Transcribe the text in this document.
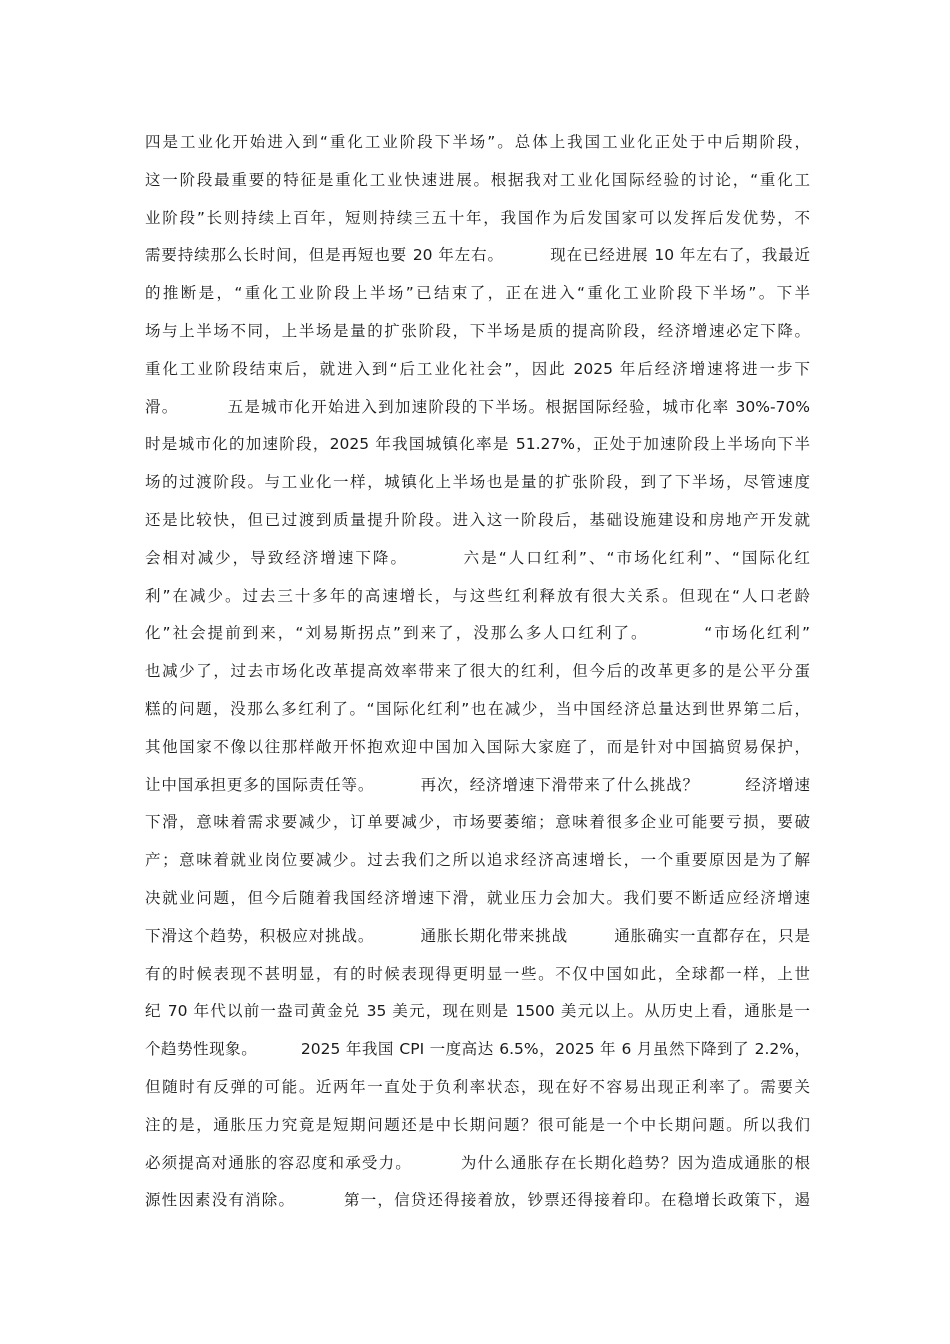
四是工业化开始进入到“重化工业阶段下半场”。总体上我国工业化正处于中后期阶段，
这一阶段最重要的特征是重化工业快速进展。根据我对工业化国际经验的讨论，“重化工
业阶段”长则持续上百年，短则持续三五十年，我国作为后发国家可以发挥后发优势，不
需要持续那么长时间，但是再短也要 20 年左右。        现在已经进展 10 年左右了，我最近
的推断是，“重化工业阶段上半场”已结束了，正在进入“重化工业阶段下半场”。下半
场与上半场不同，上半场是量的扩张阶段，下半场是质的提高阶段，经济增速必定下降。
重化工业阶段结束后，就进入到“后工业化社会”，因此 2025 年后经济增速将进一步下
滑。        五是城市化开始进入到加速阶段的下半场。根据国际经验，城市化率 30%-70%
时是城市化的加速阶段，2025 年我国城镇化率是 51.27%，正处于加速阶段上半场向下半
场的过渡阶段。与工业化一样，城镇化上半场也是量的扩张阶段，到了下半场，尽管速度
还是比较快，但已过渡到质量提升阶段。进入这一阶段后，基础设施建设和房地产开发就
会相对减少，导致经济增速下降。        六是“人口红利”、“市场化红利”、“国际化红
利”在减少。过去三十多年的高速增长，与这些红利释放有很大关系。但现在“人口老龄
化”社会提前到来，“刘易斯拐点”到来了，没那么多人口红利了。        “市场化红利”
也减少了，过去市场化改革提高效率带来了很大的红利，但今后的改革更多的是公平分蛋
糕的问题，没那么多红利了。“国际化红利”也在减少，当中国经济总量达到世界第二后，
其他国家不像以往那样敞开怀抱欢迎中国加入国际大家庭了，而是针对中国搞贸易保护，
让中国承担更多的国际责任等。        再次，经济增速下滑带来了什么挑战？        经济增速
下滑，意味着需求要减少，订单要减少，市场要萎缩；意味着很多企业可能要亏损，要破
产；意味着就业岗位要减少。过去我们之所以追求经济高速增长，一个重要原因是为了解
决就业问题，但今后随着我国经济增速下滑，就业压力会加大。我们要不断适应经济增速
下滑这个趋势，积极应对挑战。        通胀长期化带来挑战        通胀确实一直都存在，只是
有的时候表现不甚明显，有的时候表现得更明显一些。不仅中国如此，全球都一样，上世
纪 70 年代以前一盎司黄金兑 35 美元，现在则是 1500 美元以上。从历史上看，通胀是一
个趋势性现象。        2025 年我国 CPI 一度高达 6.5%，2025 年 6 月虽然下降到了 2.2%，
但随时有反弹的可能。近两年一直处于负利率状态，现在好不容易出现正利率了。需要关
注的是，通胀压力究竟是短期问题还是中长期问题？很可能是一个中长期问题。所以我们
必须提高对通胀的容忍度和承受力。        为什么通胀存在长期化趋势？因为造成通胀的根
源性因素没有消除。        第一，信贷还得接着放，钞票还得接着印。在稳增长政策下，遏
